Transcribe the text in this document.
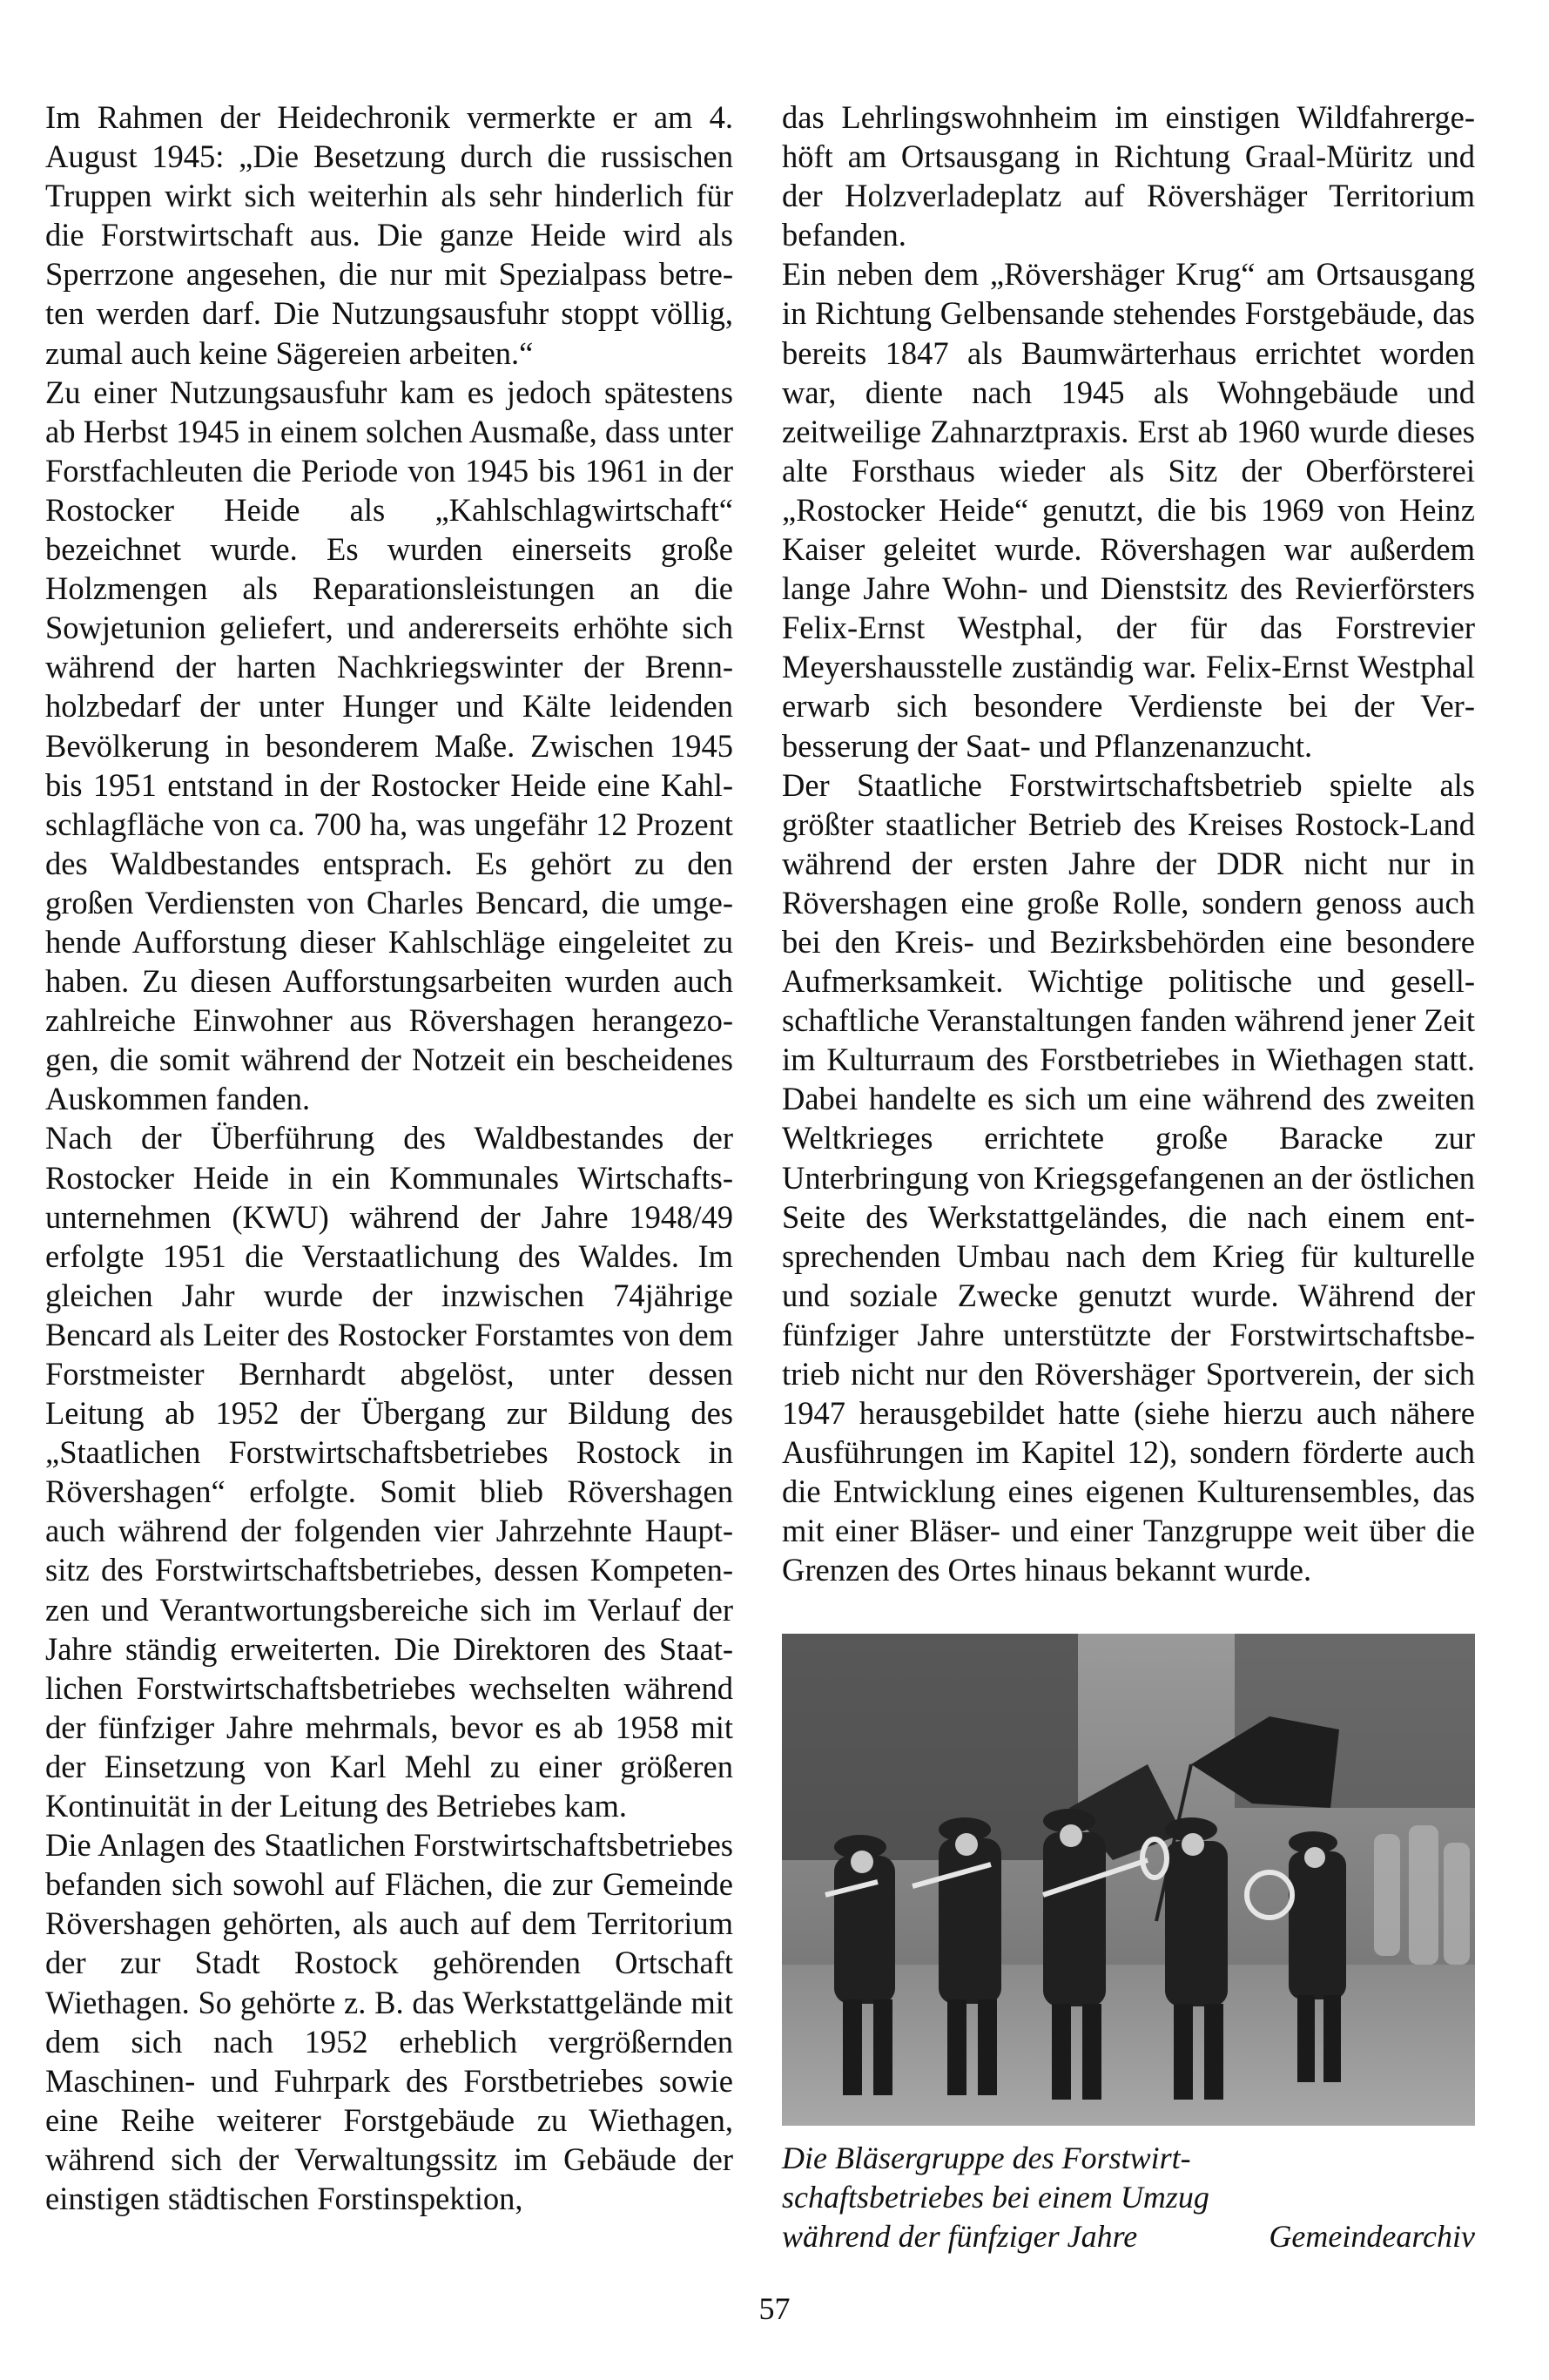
Im Rahmen der Heidechronik vermerkte er am 4. August 1945: „Die Besetzung durch die russischen Truppen wirkt sich weiterhin als sehr hinderlich für die Forstwirtschaft aus. Die ganze Heide wird als Sperrzone angesehen, die nur mit Spezialpass betreten werden darf. Die Nutzungsausfuhr stoppt völlig, zumal auch keine Sägereien arbeiten.“

Zu einer Nutzungsausfuhr kam es jedoch spätestens ab Herbst 1945 in einem solchen Ausmaße, dass unter Forstfachleuten die Periode von 1945 bis 1961 in der Rostocker Heide als „Kahlschlagwirtschaft“ bezeichnet wurde. Es wurden einerseits große Holzmengen als Reparationsleistungen an die Sowjetunion geliefert, und andererseits erhöhte sich während der harten Nachkriegswinter der Brennholzbedarf der unter Hunger und Kälte leidenden Bevölkerung in besonderem Maße. Zwischen 1945 bis 1951 entstand in der Rostocker Heide eine Kahlschlagfläche von ca. 700 ha, was ungefähr 12 Prozent des Waldbestandes entsprach. Es gehört zu den großen Verdiensten von Charles Bencard, die umgehende Aufforstung dieser Kahlschläge eingeleitet zu haben. Zu diesen Aufforstungsarbeiten wurden auch zahlreiche Einwohner aus Rövershagen herangezogen, die somit während der Notzeit ein bescheidenes Auskommen fanden.

Nach der Überführung des Waldbestandes der Rostocker Heide in ein Kommunales Wirtschaftsunternehmen (KWU) während der Jahre 1948/49 erfolgte 1951 die Verstaatlichung des Waldes. Im gleichen Jahr wurde der inzwischen 74jährige Bencard als Leiter des Rostocker Forstamtes von dem Forstmeister Bernhardt abgelöst, unter dessen Leitung ab 1952 der Übergang zur Bildung des „Staatlichen Forstwirtschaftsbetriebes Rostock in Rövershagen“ erfolgte. Somit blieb Rövershagen auch während der folgenden vier Jahrzehnte Hauptsitz des Forstwirtschaftsbetriebes, dessen Kompetenzen und Verantwortungsbereiche sich im Verlauf der Jahre ständig erweiterten. Die Direktoren des Staatlichen Forstwirtschaftsbetriebes wechselten während der fünfziger Jahre mehrmals, bevor es ab 1958 mit der Einsetzung von Karl Mehl zu einer größeren Kontinuität in der Leitung des Betriebes kam.

Die Anlagen des Staatlichen Forstwirtschaftsbetriebes befanden sich sowohl auf Flächen, die zur Gemeinde Rövershagen gehörten, als auch auf dem Territorium der zur Stadt Rostock gehörenden Ortschaft Wiethagen. So gehörte z. B. das Werkstattgelände mit dem sich nach 1952 erheblich vergrößernden Maschinen- und Fuhrpark des Forstbetriebes sowie eine Reihe weiterer Forstgebäude zu Wiethagen, während sich der Verwaltungssitz im Gebäude der einstigen städtischen Forstinspektion,

das Lehrlingswohnheim im einstigen Wildfahrergehöft am Ortsausgang in Richtung Graal-Müritz und der Holzverladeplatz auf Rövershäger Territorium befanden.

Ein neben dem „Rövershäger Krug“ am Ortsausgang in Richtung Gelbensande stehendes Forstgebäude, das bereits 1847 als Baumwärterhaus errichtet worden war, diente nach 1945 als Wohngebäude und zeitweilige Zahnarztpraxis. Erst ab 1960 wurde dieses alte Forsthaus wieder als Sitz der Oberförsterei „Rostocker Heide“ genutzt, die bis 1969 von Heinz Kaiser geleitet wurde. Rövershagen war außerdem lange Jahre Wohn- und Dienstsitz des Revierförsters Felix-Ernst Westphal, der für das Forstrevier Meyershausstelle zuständig war. Felix-Ernst Westphal erwarb sich besondere Verdienste bei der Verbesserung der Saat- und Pflanzenanzucht.

Der Staatliche Forstwirtschaftsbetrieb spielte als größter staatlicher Betrieb des Kreises Rostock-Land während der ersten Jahre der DDR nicht nur in Rövershagen eine große Rolle, sondern genoss auch bei den Kreis- und Bezirksbehörden eine besondere Aufmerksamkeit. Wichtige politische und gesellschaftliche Veranstaltungen fanden während jener Zeit im Kulturraum des Forstbetriebes in Wiethagen statt. Dabei handelte es sich um eine während des zweiten Weltkrieges errichtete große Baracke zur Unterbringung von Kriegsgefangenen an der östlichen Seite des Werkstattgeländes, die nach einem entsprechenden Umbau nach dem Krieg für kulturelle und soziale Zwecke genutzt wurde. Während der fünfziger Jahre unterstützte der Forstwirtschaftsbetrieb nicht nur den Rövershäger Sportverein, der sich 1947 herausgebildet hatte (siehe hierzu auch nähere Ausführungen im Kapitel 12), sondern förderte auch die Entwicklung eines eigenen Kulturensembles, das mit einer Bläser- und einer Tanzgruppe weit über die Grenzen des Ortes hinaus bekannt wurde.

Die Bläsergruppe des Forstwirt-
schaftsbetriebes bei einem Umzug
während der fünfziger Jahre	Gemeindearchiv
57
